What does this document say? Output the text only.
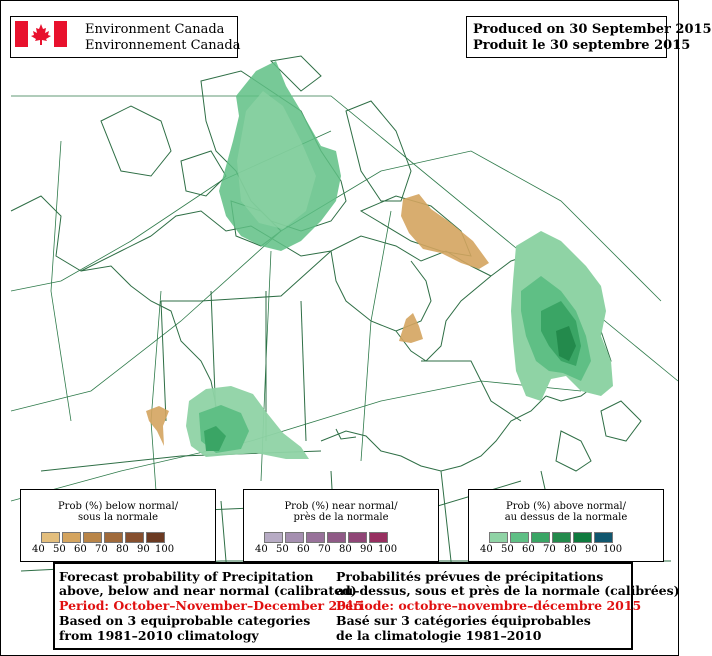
Environment Canada
Environnement Canada
Produced on 30 September 2015
Produit le 30 septembre 2015
Prob (%) below normal/
sous la normale
40 50 60 70 80 90 100
Prob (%) near normal/
près de la normale
40 50 60 70 80 90 100
Prob (%) above normal/
au dessus de la normale
40 50 60 70 80 90 100
Forecast probability of Precipitation
above, below and near normal (calibrated)
Period: October–November–December 2015
Based on 3 equiprobable categories
from 1981–2010 climatology
Probabilités prévues de précipitations
au–dessus, sous et près de la normale (calibrées)
Période: octobre–novembre–décembre 2015
Basé sur 3 catégories équiprobables
de la climatologie 1981–2010
